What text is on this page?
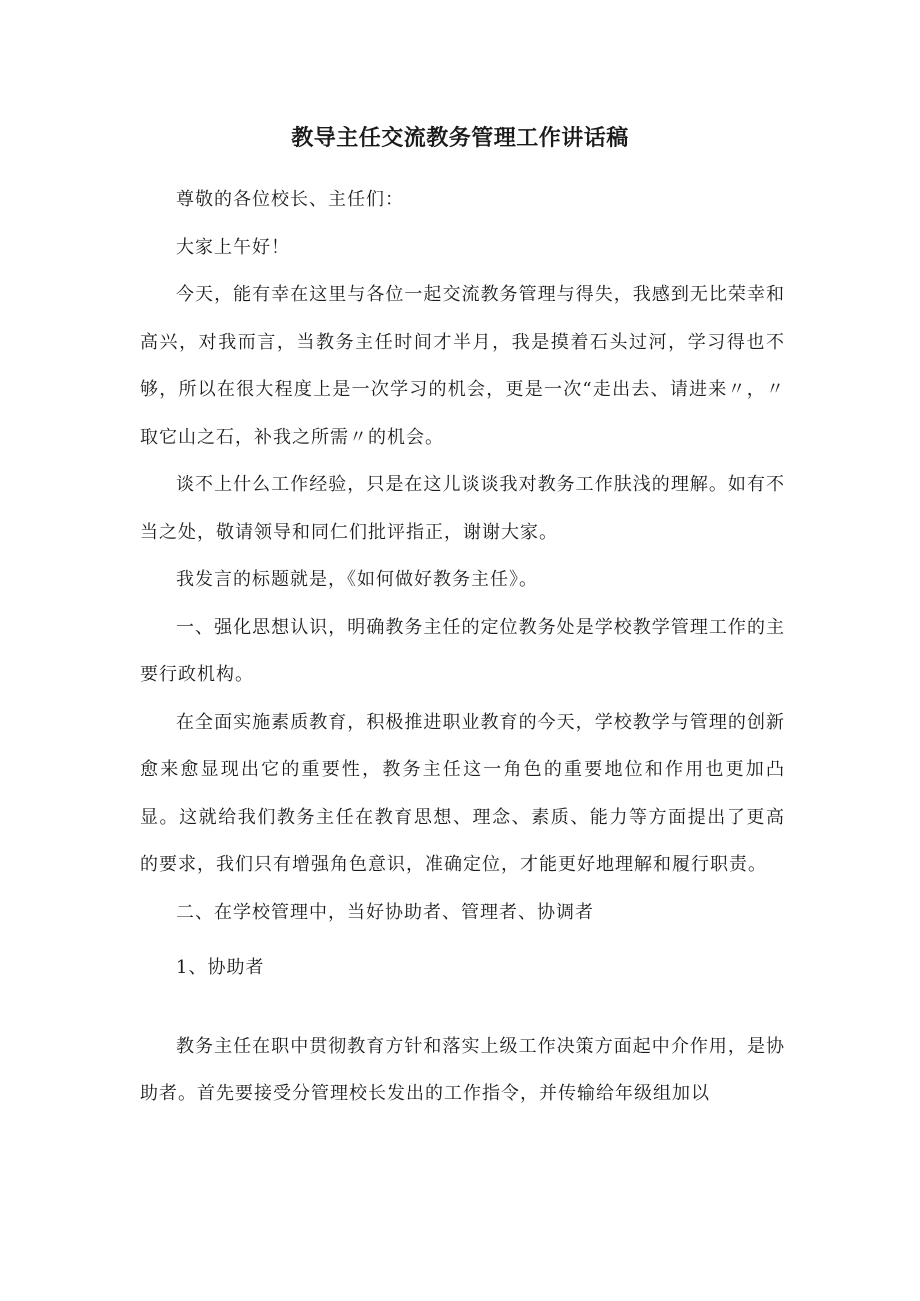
教导主任交流教务管理工作讲话稿

尊敬的各位校长、主任们：

大家上午好！

今天，能有幸在这里与各位一起交流教务管理与得失，我感到无比荣幸和高兴，对我而言，当教务主任时间才半月，我是摸着石头过河，学习得也不够，所以在很大程度上是一次学习的机会，更是一次“走出去、请进来〃，〃取它山之石，补我之所需〃的机会。

谈不上什么工作经验，只是在这儿谈谈我对教务工作肤浅的理解。如有不当之处，敬请领导和同仁们批评指正，谢谢大家。

我发言的标题就是，《如何做好教务主任》。

一、强化思想认识，明确教务主任的定位教务处是学校教学管理工作的主要行政机构。

在全面实施素质教育，积极推进职业教育的今天，学校教学与管理的创新愈来愈显现出它的重要性，教务主任这一角色的重要地位和作用也更加凸显。这就给我们教务主任在教育思想、理念、素质、能力等方面提出了更高的要求，我们只有增强角色意识，准确定位，才能更好地理解和履行职责。

二、在学校管理中，当好协助者、管理者、协调者

1、协助者

教务主任在职中贯彻教育方针和落实上级工作决策方面起中介作用，是协助者。首先要接受分管理校长发出的工作指令，并传输给年级组加以
